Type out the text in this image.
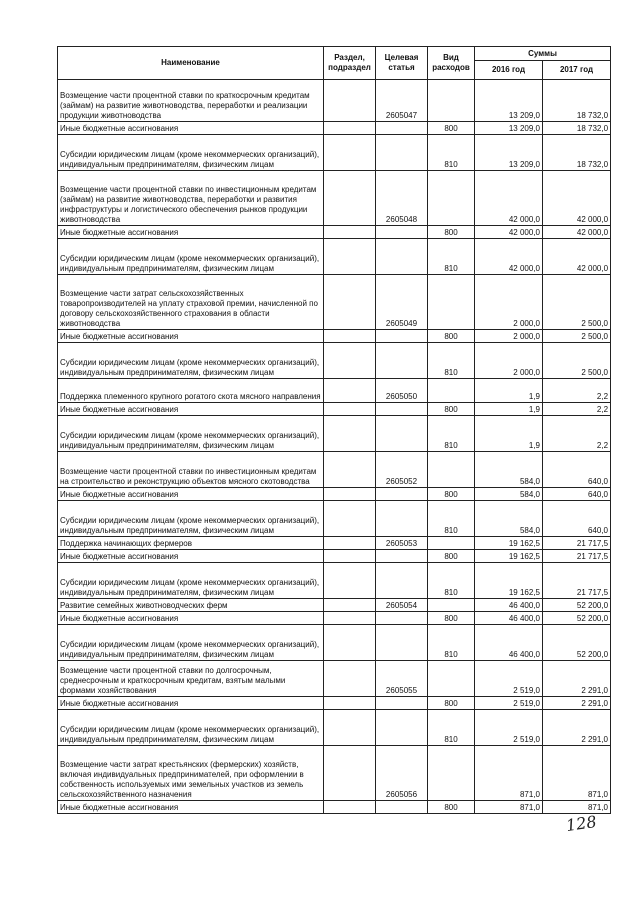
Наименование	Раздел, подраздел	Целевая статья	Вид расходов	Суммы	
				2016 год	2017 год
Возмещение части процентной ставки по краткосрочным кредитам (займам) на развитие животноводства, переработки и реализации продукции животноводства		2605047		13 209,0	18 732,0
Иные бюджетные ассигнования			800	13 209,0	18 732,0
Субсидии юридическим лицам (кроме некоммерческих организаций), индивидуальным предпринимателям, физическим лицам			810	13 209,0	18 732,0
Возмещение части процентной ставки по инвестиционным кредитам (займам) на развитие животноводства, переработки и развития инфраструктуры и логистического обеспечения рынков продукции животноводства		2605048		42 000,0	42 000,0
Иные бюджетные ассигнования			800	42 000,0	42 000,0
Субсидии юридическим лицам (кроме некоммерческих организаций), индивидуальным предпринимателям, физическим лицам			810	42 000,0	42 000,0
Возмещение части затрат сельскохозяйственных товаропроизводителей на уплату страховой премии, начисленной по договору сельскохозяйственного страхования в области животноводства		2605049		2 000,0	2 500,0
Иные бюджетные ассигнования			800	2 000,0	2 500,0
Субсидии юридическим лицам (кроме некоммерческих организаций), индивидуальным предпринимателям, физическим лицам			810	2 000,0	2 500,0
Поддержка племенного крупного рогатого скота мясного направления		2605050		1,9	2,2
Иные бюджетные ассигнования			800	1,9	2,2
Субсидии юридическим лицам (кроме некоммерческих организаций), индивидуальным предпринимателям, физическим лицам			810	1,9	2,2
Возмещение части процентной ставки по инвестиционным кредитам на строительство и реконструкцию объектов мясного скотоводства		2605052		584,0	640,0
Иные бюджетные ассигнования			800	584,0	640,0
Субсидии юридическим лицам (кроме некоммерческих организаций), индивидуальным предпринимателям, физическим лицам			810	584,0	640,0
Поддержка начинающих фермеров		2605053		19 162,5	21 717,5
Иные бюджетные ассигнования			800	19 162,5	21 717,5
Субсидии юридическим лицам (кроме некоммерческих организаций), индивидуальным предпринимателям, физическим лицам			810	19 162,5	21 717,5
Развитие семейных животноводческих ферм		2605054		46 400,0	52 200,0
Иные бюджетные ассигнования			800	46 400,0	52 200,0
Субсидии юридическим лицам (кроме некоммерческих организаций), индивидуальным предпринимателям, физическим лицам			810	46 400,0	52 200,0
Возмещение части процентной ставки по долгосрочным, среднесрочным и краткосрочным кредитам, взятым малыми формами хозяйствования		2605055		2 519,0	2 291,0
Иные бюджетные ассигнования			800	2 519,0	2 291,0
Субсидии юридическим лицам (кроме некоммерческих организаций), индивидуальным предпринимателям, физическим лицам			810	2 519,0	2 291,0
Возмещение части затрат крестьянских (фермерских) хозяйств, включая индивидуальных предпринимателей, при оформлении в собственность используемых ими земельных участков из земель сельскохозяйственного назначения		2605056		871,0	871,0
Иные бюджетные ассигнования			800	871,0	871,0
128
